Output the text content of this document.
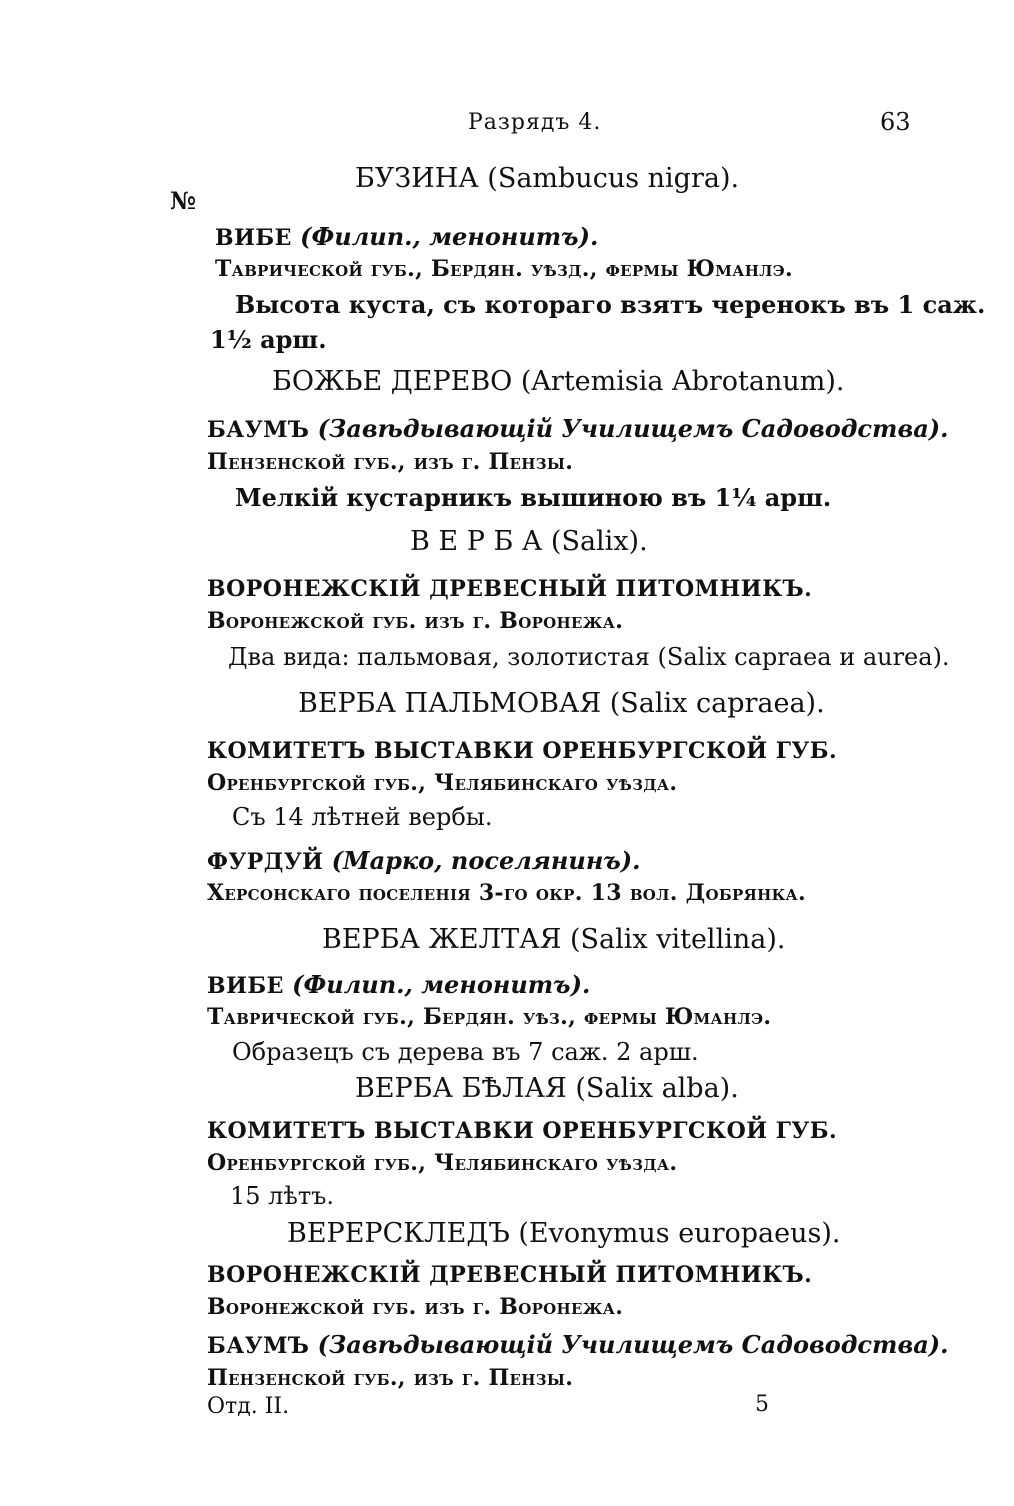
Разрядъ 4.	63
№
БУЗИНА (Sambucus nigra).
ВИБЕ (Филип., менонитъ).
Таврической губ., Бердян. уѣзд., фермы Юманлэ.
Высота куста, съ котораго взятъ черенокъ въ 1 саж.
1½ арш.
БОЖЬЕ ДЕРЕВО (Artemisia Abrotanum).
БАУМЪ (Завѣдывающій Училищемъ Садоводства).
Пензенской губ., изъ г. Пензы.
Мелкій кустарникъ вышиною въ 1¼ арш.
В Е Р Б А (Salix).
ВОРОНЕЖСКІЙ ДРЕВЕСНЫЙ ПИТОМНИКЪ.
Воронежской губ. изъ г. Воронежа.
Два вида: пальмовая, золотистая (Salix capraea и aurea).
ВЕРБА ПАЛЬМОВАЯ (Salix capraea).
КОМИТЕТЪ ВЫСТАВКИ ОРЕНБУРГСКОЙ ГУБ.
Оренбургской губ., Челябинскаго уѣзда.
Съ 14 лѣтней вербы.
ФУРДУЙ (Марко, поселянинъ).
Херсонскаго поселенія 3-го окр. 13 вол. Добрянка.
ВЕРБА ЖЕЛТАЯ (Salix vitellina).
ВИБЕ (Филип., менонитъ).
Таврической губ., Бердян. уѣз., фермы Юманлэ.
Образецъ съ дерева въ 7 саж. 2 арш.
ВЕРБА БѢЛАЯ (Salix alba).
КОМИТЕТЪ ВЫСТАВКИ ОРЕНБУРГСКОЙ ГУБ.
Оренбургской губ., Челябинскаго уѣзда.
15 лѣтъ.
ВЕРЕРСКЛЕДЪ (Evonymus europaeus).
ВОРОНЕЖСКІЙ ДРЕВЕСНЫЙ ПИТОМНИКЪ.
Воронежской губ. изъ г. Воронежа.
БАУМЪ (Завѣдывающій Училищемъ Садоводства).
Пензенской губ., изъ г. Пензы.
Отд. II.	5
